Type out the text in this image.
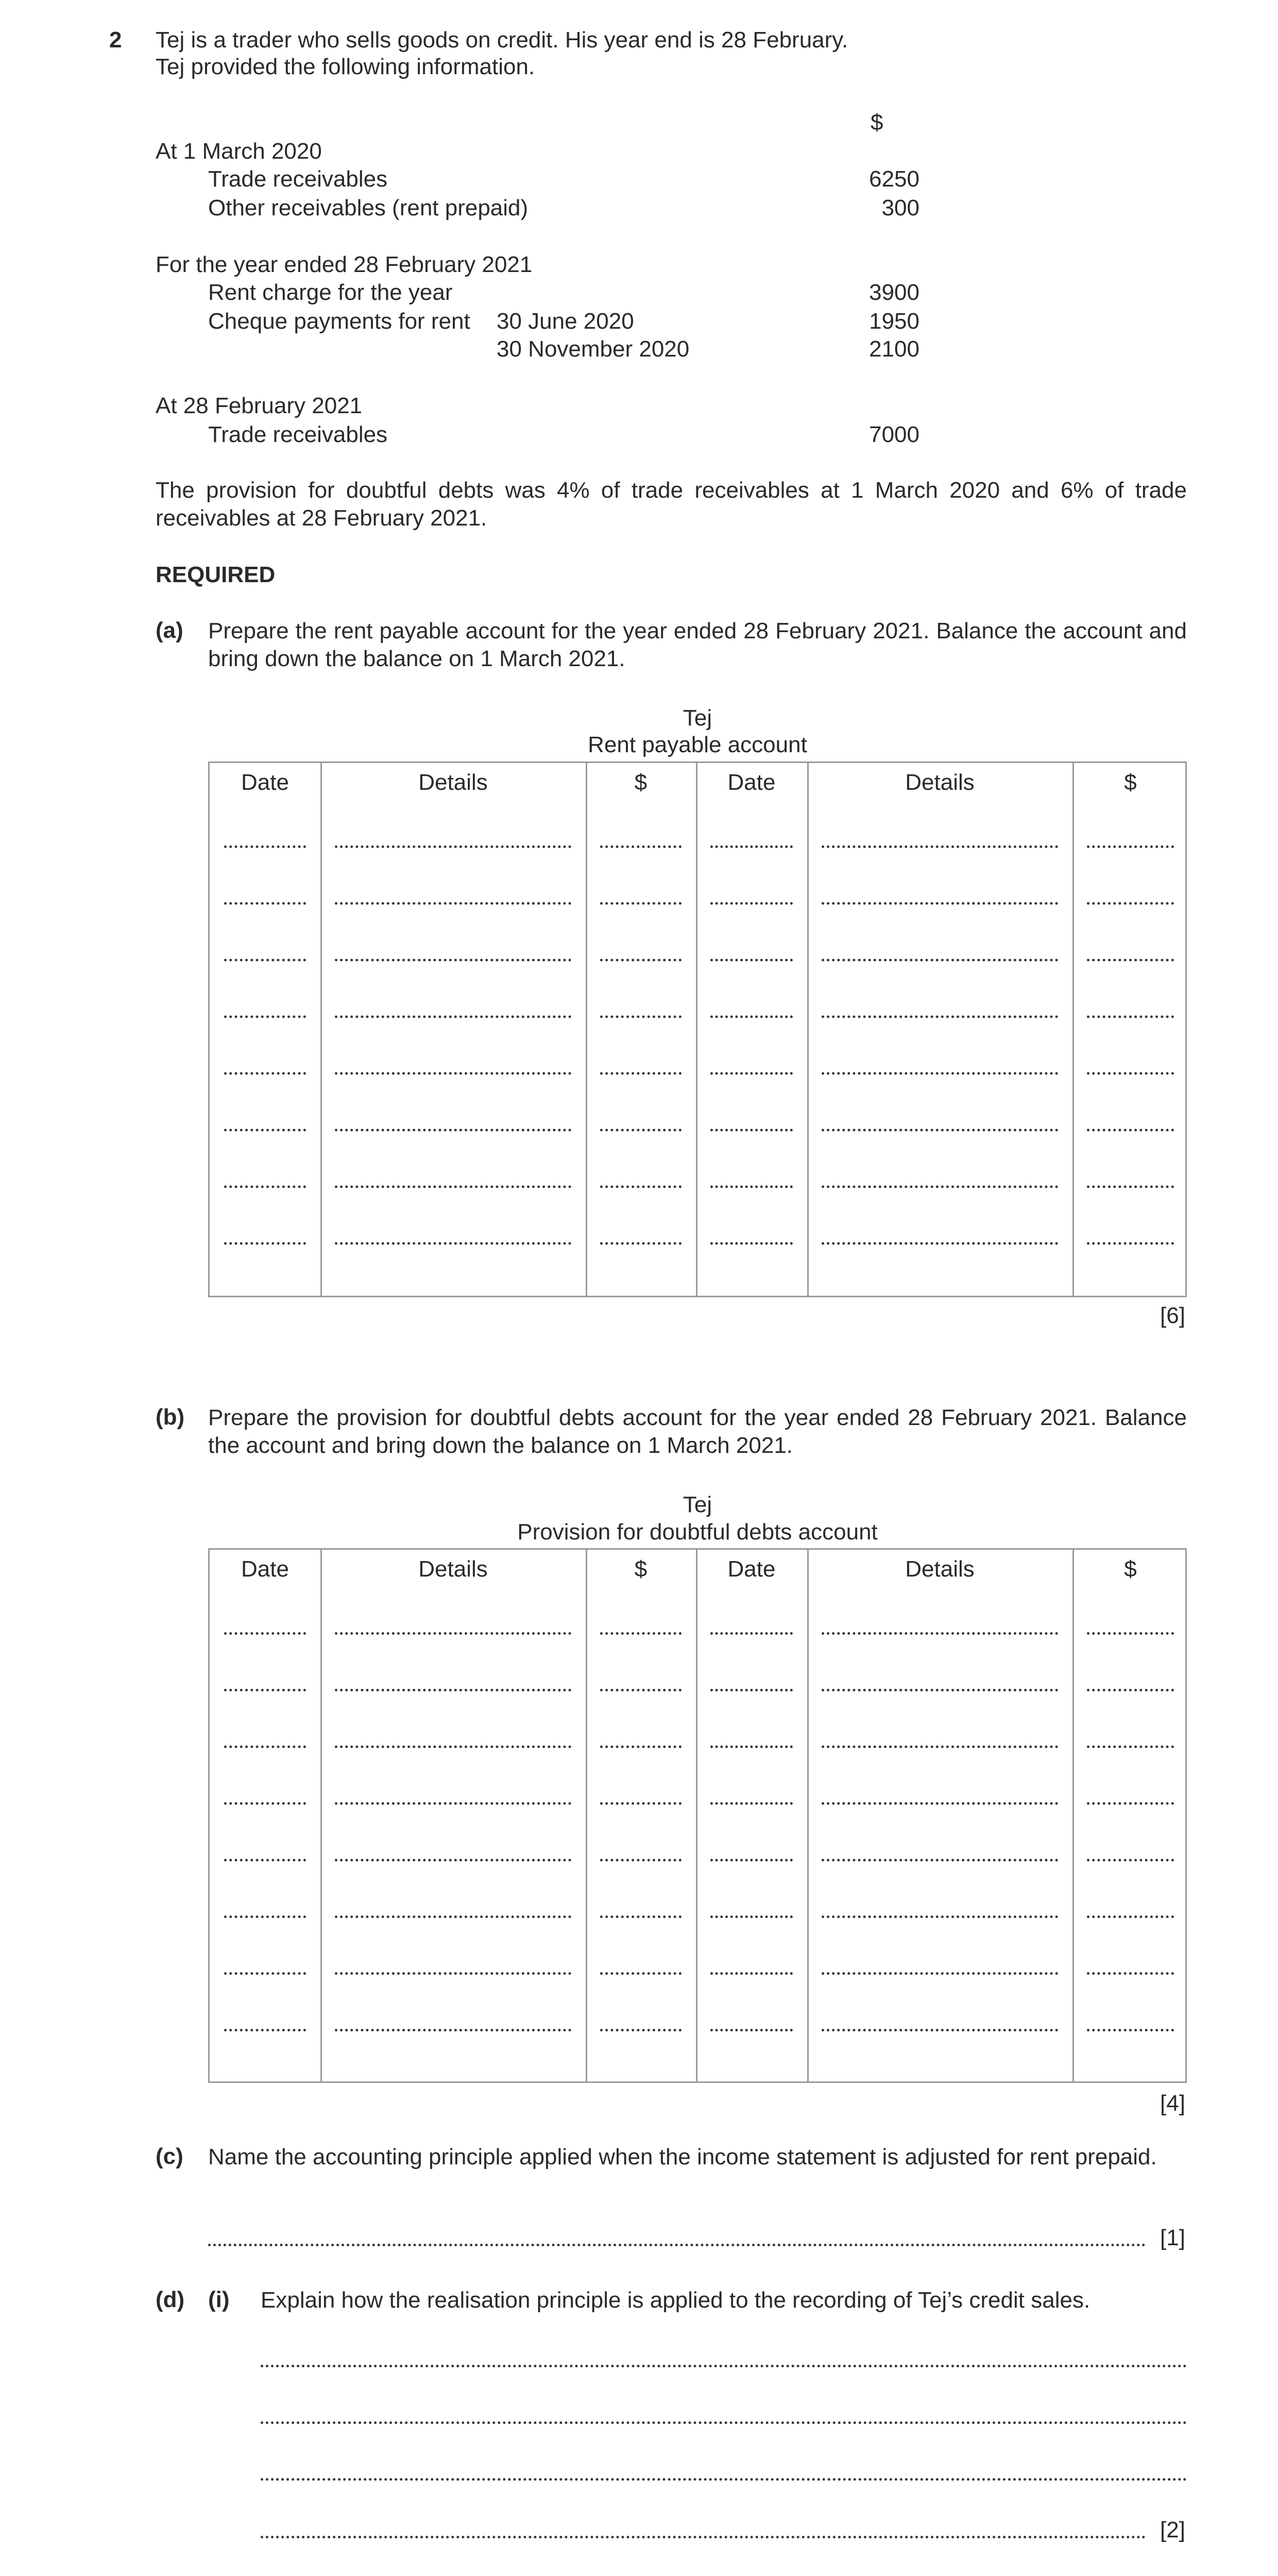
2 Tej is a trader who sells goods on credit. His year end is 28 February.
Tej provided the following information.
$
At 1 March 2020
Trade receivables	6250
Other receivables (rent prepaid)	300
For the year ended 28 February 2021
Rent charge for the year	3900
Cheque payments for rent 30 June 2020	1950
30 November 2020	2100
At 28 February 2021
Trade receivables	7000
The provision for doubtful debts was 4% of trade receivables at 1 March 2020 and 6% of trade receivables at 28 February 2021.
REQUIRED
(a) Prepare the rent payable account for the year ended 28 February 2021. Balance the account and bring down the balance on 1 March 2021.
Tej
Rent payable account
Date	Details	$	Date	Details	$
[6]
(b) Prepare the provision for doubtful debts account for the year ended 28 February 2021. Balance the account and bring down the balance on 1 March 2021.
Tej
Provision for doubtful debts account
Date	Details	$	Date	Details	$
[4]
(c) Name the accounting principle applied when the income statement is adjusted for rent prepaid.
[1]
(d) (i) Explain how the realisation principle is applied to the recording of Tej’s credit sales.
[2]
